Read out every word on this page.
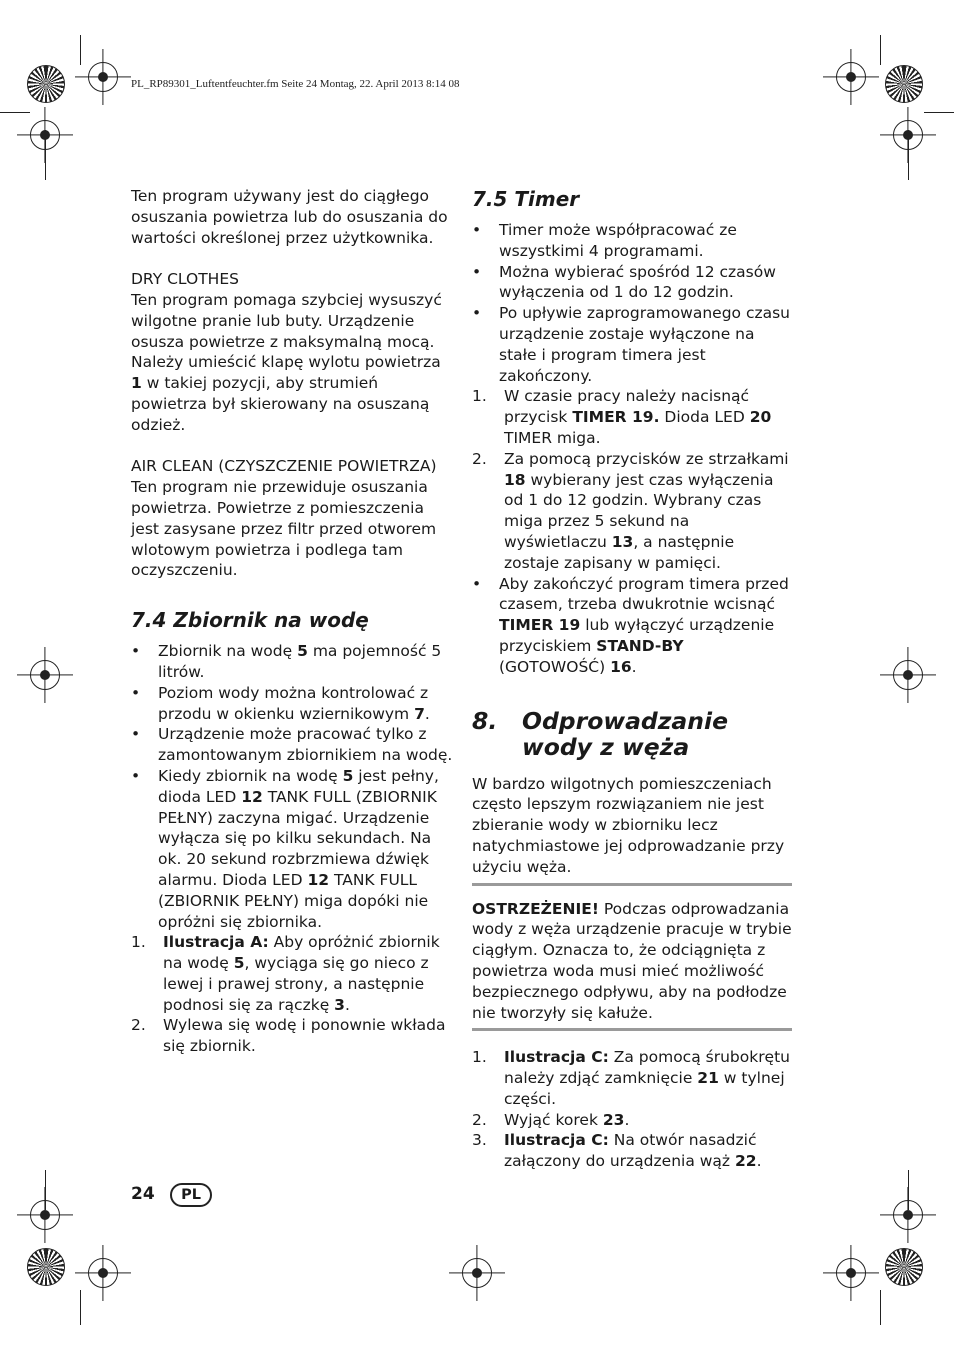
PL_RP89301_Luftentfeuchter.fm Seite 24 Montag, 22. April 2013 8:14 08

Ten program używany jest do ciągłego osuszania powietrza lub do osuszania do wartości określonej przez użytkownika.

DRY CLOTHES

Ten program pomaga szybciej wysuszyć wilgotne pranie lub buty. Urządzenie osusza powietrze z maksymalną mocą. Należy umieścić klapę wylotu powietrza 1 w takiej pozycji, aby strumień powietrza był skierowany na osuszaną odzież.

AIR CLEAN (CZYSZCZENIE POWIETRZA)

Ten program nie przewiduje osuszania powietrza. Powietrze z pomieszczenia jest zasysane przez filtr przed otworem wlotowym powietrza i podlega tam oczyszczeniu.

7.4 Zbiornik na wodę
• Zbiornik na wodę 5 ma pojemność 5 litrów.
• Poziom wody można kontrolować z przodu w okienku wziernikowym 7.
• Urządzenie może pracować tylko z zamontowanym zbiornikiem na wodę.
• Kiedy zbiornik na wodę 5 jest pełny, dioda LED 12 TANK FULL (ZBIORNIK PEŁNY) zaczyna migać. Urządzenie wyłącza się po kilku sekundach. Na ok. 20 sekund rozbrzmiewa dźwięk alarmu. Dioda LED 12 TANK FULL (ZBIORNIK PEŁNY) miga dopóki nie opróżni się zbiornika.
1. Ilustracja A: Aby opróżnić zbiornik na wodę 5, wyciąga się go nieco z lewej i prawej strony, a następnie podnosi się za rączkę 3.
2. Wylewa się wodę i ponownie wkłada się zbiornik.
7.5 Timer
• Timer może współpracować ze wszystkimi 4 programami.
• Można wybierać spośród 12 czasów wyłączenia od 1 do 12 godzin.
• Po upływie zaprogramowanego czasu urządzenie zostaje wyłączone na stałe i program timera jest zakończony.
1. W czasie pracy należy nacisnąć przycisk TIMER 19. Dioda LED 20 TIMER miga.
2. Za pomocą przycisków ze strzałkami 18 wybierany jest czas wyłączenia od 1 do 12 godzin. Wybrany czas miga przez 5 sekund na wyświetlaczu 13, a następnie zostaje zapisany w pamięci.
• Aby zakończyć program timera przed czasem, trzeba dwukrotnie wcisnąć TIMER 19 lub wyłączyć urządzenie przyciskiem STAND-BY (GOTOWOŚĆ) 16.
8.	Odprowadzanie wody z węża

W bardzo wilgotnych pomieszczeniach często lepszym rozwiązaniem nie jest zbieranie wody w zbiorniku lecz natychmiastowe jej odprowadzanie przy użyciu węża.

OSTRZEŻENIE! Podczas odprowadzania wody z węża urządzenie pracuje w trybie ciągłym. Oznacza to, że odciągnięta z powietrza woda musi mieć możliwość bezpiecznego odpływu, aby na podłodze nie tworzyły się kałuże.

1. Ilustracja C: Za pomocą śrubokrętu należy zdjąć zamknięcie 21 w tylnej części.
2. Wyjąć korek 23.
3. Ilustracja C: Na otwór nasadzić załączony do urządzenia wąż 22.
24	PL
